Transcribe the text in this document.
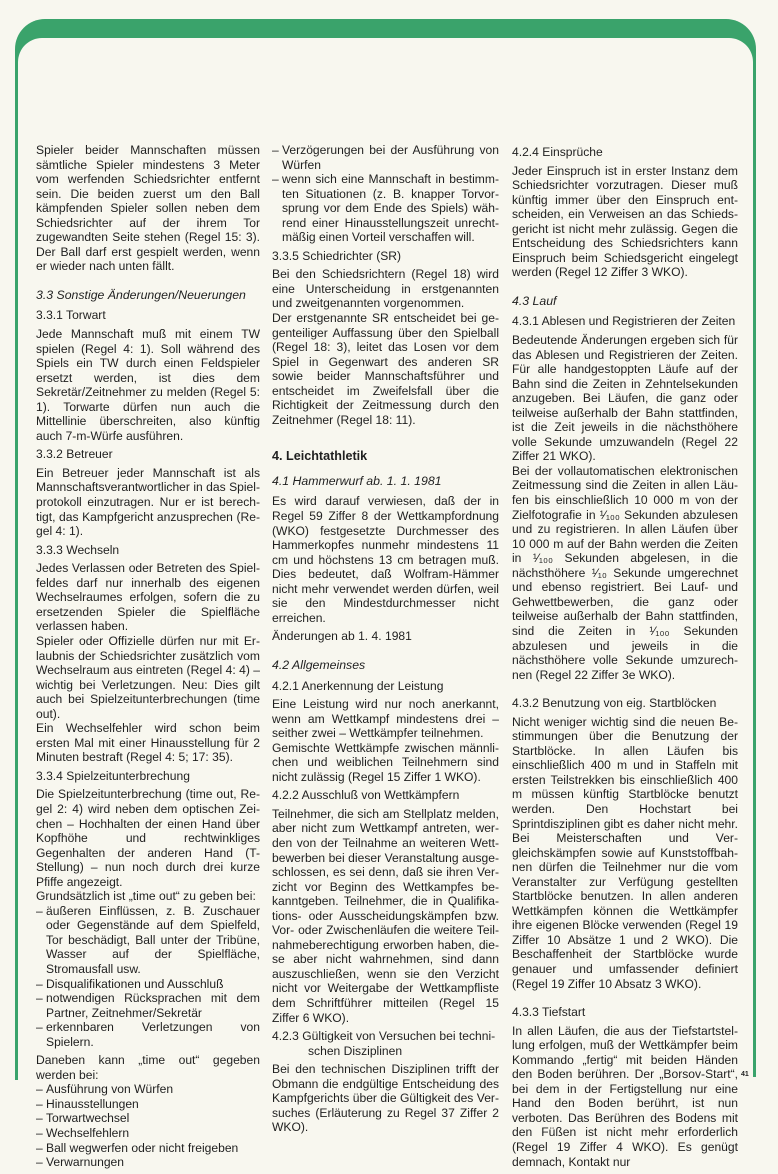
Spieler beider Mannschaften müssen sämtliche Spieler mindestens 3 Meter vom werfenden Schiedsrichter entfernt sein. Die beiden zuerst um den Ball kämpfenden Spieler sollen neben dem Schiedsrichter auf der ihrem Tor zugewandten Seite stehen (Regel 15: 3). Der Ball darf erst gespielt werden, wenn er wieder nach unten fällt.

3.3 Sonstige Änderungen/Neuerungen
3.3.1 Torwart

Jede Mannschaft muß mit einem TW spielen (Regel 4: 1). Soll während des Spiels ein TW durch einen Feldspieler ersetzt werden, ist dies dem Sekretär/Zeitnehmer zu melden (Regel 5: 1). Torwarte dürfen nun auch die Mittellinie überschreiten, also künftig auch 7-m-Würfe ausführen.

3.3.2 Betreuer

Ein Betreuer jeder Mannschaft ist als Mannschaftsverantwortlicher in das Spielprotokoll einzutragen. Nur er ist berechtigt, das Kampfgericht anzusprechen (Regel 4: 1).

3.3.3 Wechseln

Jedes Verlassen oder Betreten des Spielfeldes darf nur innerhalb des eigenen Wechselraumes erfolgen, sofern die zu ersetzenden Spieler die Spielfläche verlassen haben.

Spieler oder Offizielle dürfen nur mit Erlaubnis der Schiedsrichter zusätzlich vom Wechselraum aus eintreten (Regel 4: 4) – wichtig bei Verletzungen. Neu: Dies gilt auch bei Spielzeitunterbrechungen (time out).

Ein Wechselfehler wird schon beim ersten Mal mit einer Hinausstellung für 2 Minuten bestraft (Regel 4: 5; 17: 35).

3.3.4 Spielzeitunterbrechung

Die Spielzeitunterbrechung (time out, Regel 2: 4) wird neben dem optischen Zeichen – Hochhalten der einen Hand über Kopfhöhe und rechtwinkliges Gegenhalten der anderen Hand (T-Stellung) – nun noch durch drei kurze Pfiffe angezeigt.

Grundsätzlich ist „time out“ zu geben bei:

– äußeren Einflüssen, z. B. Zuschauer oder Gegenstände auf dem Spielfeld, Tor beschädigt, Ball unter der Tribüne, Wasser auf der Spielfläche, Stromausfall usw.
– Disqualifikationen und Ausschluß
– notwendigen Rücksprachen mit dem Partner, Zeitnehmer/Sekretär
– erkennbaren Verletzungen von Spielern.

Daneben kann „time out“ gegeben werden bei:

– Ausführung von Würfen
– Hinausstellungen
– Torwartwechsel
– Wechselfehlern
– Ball wegwerfen oder nicht freigeben
– Verwarnungen
– Verzögerungen bei der Ausführung von Würfen
– wenn sich eine Mannschaft in bestimmten Situationen (z. B. knapper Torvorsprung vor dem Ende des Spiels) während einer Hinausstellungszeit unrechtmäßig einen Vorteil verschaffen will.
3.3.5 Schiedrichter (SR)

Bei den Schiedsrichtern (Regel 18) wird eine Unterscheidung in erstgenannten und zweitgenannten vorgenommen.

Der erstgenannte SR entscheidet bei gegenteiliger Auffassung über den Spielball (Regel 18: 3), leitet das Losen vor dem Spiel in Gegenwart des anderen SR sowie beider Mannschaftsführer und entscheidet im Zweifelsfall über die Richtigkeit der Zeitmessung durch den Zeitnehmer (Regel 18: 11).

4. Leichtathletik
4.1 Hammerwurf ab. 1. 1. 1981

Es wird darauf verwiesen, daß der in Regel 59 Ziffer 8 der Wettkampfordnung (WKO) festgesetzte Durchmesser des Hammerkopfes nunmehr mindestens 11 cm und höchstens 13 cm betragen muß. Dies bedeutet, daß Wolfram-Hämmer nicht mehr verwendet werden dürfen, weil sie den Mindestdurchmesser nicht erreichen.

Änderungen ab 1. 4. 1981

4.2 Allgemeinses
4.2.1 Anerkennung der Leistung

Eine Leistung wird nur noch anerkannt, wenn am Wettkampf mindestens drei – seither zwei – Wettkämpfer teilnehmen.

Gemischte Wettkämpfe zwischen männlichen und weiblichen Teilnehmern sind nicht zulässig (Regel 15 Ziffer 1 WKO).

4.2.2 Ausschluß von Wettkämpfern

Teilnehmer, die sich am Stellplatz melden, aber nicht zum Wettkampf antreten, werden von der Teilnahme an weiteren Wettbewerben bei dieser Veranstaltung ausgeschlossen, es sei denn, daß sie ihren Verzicht vor Beginn des Wettkampfes bekanntgeben. Teilnehmer, die in Qualifikations- oder Ausscheidungskämpfen bzw. Vor- oder Zwischenläufen die weitere Teilnahmeberechtigung erworben haben, diese aber nicht wahrnehmen, sind dann auszuschließen, wenn sie den Verzicht nicht vor Weitergabe der Wettkampfliste dem Schriftführer mitteilen (Regel 15 Ziffer 6 WKO).

4.2.3 Gültigkeit von Versuchen bei technischen Disziplinen

Bei den technischen Disziplinen trifft der Obmann die endgültige Entscheidung des Kampfgerichts über die Gültigkeit des Versuches (Erläuterung zu Regel 37 Ziffer 2 WKO).

4.2.4 Einsprüche

Jeder Einspruch ist in erster Instanz dem Schiedsrichter vorzutragen. Dieser muß künftig immer über den Einspruch entscheiden, ein Verweisen an das Schiedsgericht ist nicht mehr zulässig. Gegen die Entscheidung des Schiedsrichters kann Einspruch beim Schiedsgericht eingelegt werden (Regel 12 Ziffer 3 WKO).

4.3 Lauf
4.3.1 Ablesen und Registrieren der Zeiten

Bedeutende Änderungen ergeben sich für das Ablesen und Registrieren der Zeiten. Für alle handgestoppten Läufe auf der Bahn sind die Zeiten in Zehntelsekunden anzugeben. Bei Läufen, die ganz oder teilweise außerhalb der Bahn stattfinden, ist die Zeit jeweils in die nächsthöhere volle Sekunde umzuwandeln (Regel 22 Ziffer 21 WKO).

Bei der vollautomatischen elektronischen Zeitmessung sind die Zeiten in allen Läufen bis einschließlich 10 000 m von der Zielfotografie in ¹⁄₁₀₀ Sekunden abzulesen und zu registrieren. In allen Läufen über 10 000 m auf der Bahn werden die Zeiten in ¹⁄₁₀₀ Sekunden abgelesen, in die nächsthöhere ¹⁄₁₀ Sekunde umgerechnet und ebenso registriert. Bei Lauf- und Gehwettbewerben, die ganz oder teilweise außerhalb der Bahn stattfinden, sind die Zeiten in ¹⁄₁₀₀ Sekunden abzulesen und jeweils in die nächsthöhere volle Sekunde umzurechnen (Regel 22 Ziffer 3e WKO).

4.3.2 Benutzung von eig. Startblöcken

Nicht weniger wichtig sind die neuen Bestimmungen über die Benutzung der Startblöcke. In allen Läufen bis einschließlich 400 m und in Staffeln mit ersten Teilstrekken bis einschließlich 400 m müssen künftig Startblöcke benutzt werden. Den Hochstart bei Sprintdisziplinen gibt es daher nicht mehr. Bei Meisterschaften und Vergleichskämpfen sowie auf Kunststoffbahnen dürfen die Teilnehmer nur die vom Veranstalter zur Verfügung gestellten Startblöcke benutzen. In allen anderen Wettkämpfen können die Wettkämpfer ihre eigenen Blöcke verwenden (Regel 19 Ziffer 10 Absätze 1 und 2 WKO). Die Beschaffenheit der Startblöcke wurde genauer und umfassender definiert (Regel 19 Ziffer 10 Absatz 3 WKO).

4.3.3 Tiefstart

In allen Läufen, die aus der Tiefstartstellung erfolgen, muß der Wettkämpfer beim Kommando „fertig“ mit beiden Händen den Boden berühren. Der „Borsov-Start“, bei dem in der Fertigstellung nur eine Hand den Boden berührt, ist nun verboten. Das Berühren des Bodens mit den Füßen ist nicht mehr erforderlich (Regel 19 Ziffer 4 WKO). Es genügt demnach, Kontakt nur

41
